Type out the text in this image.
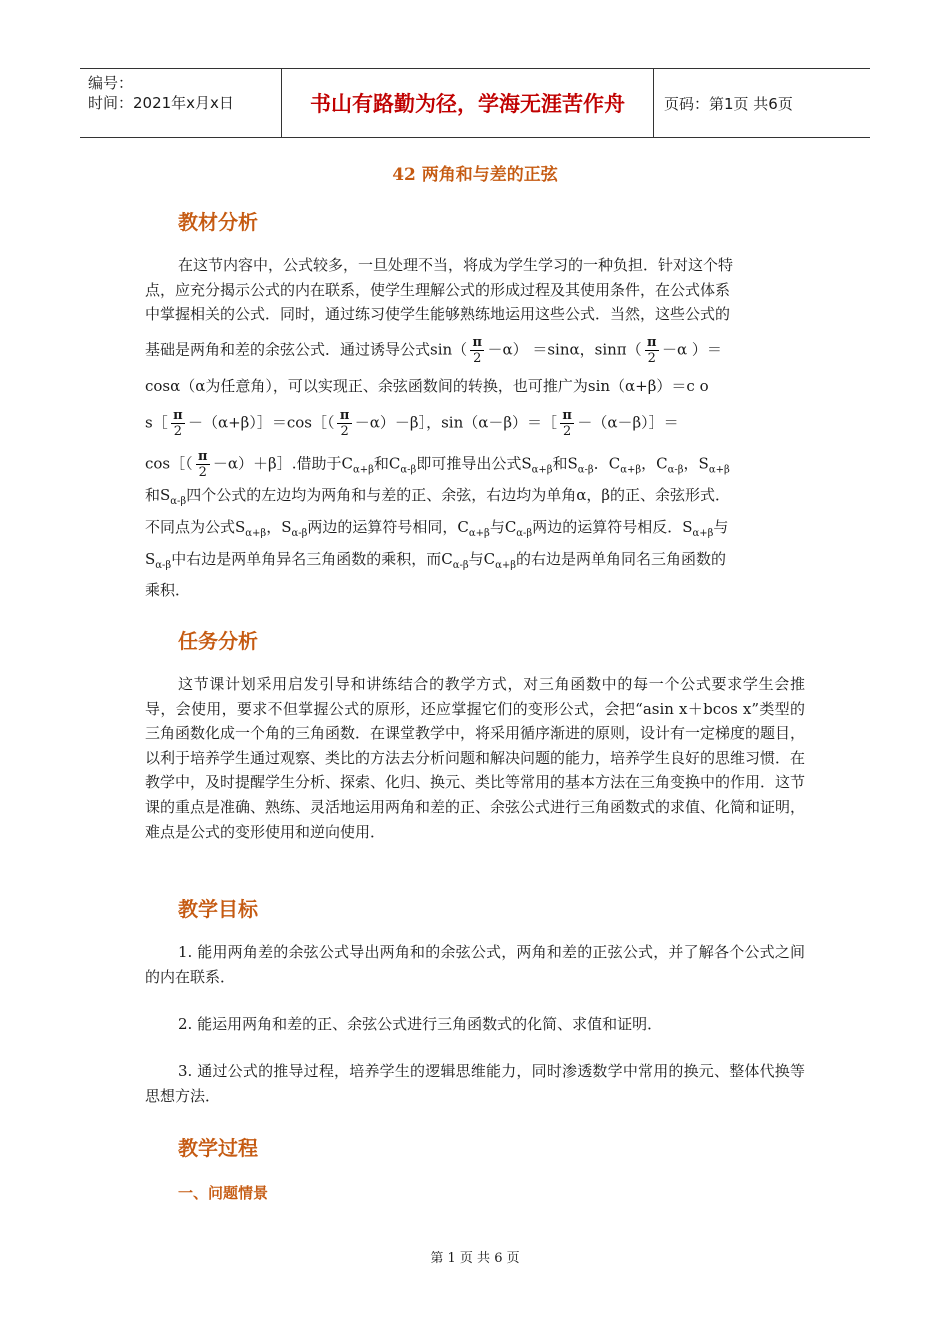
编号：
时间：2021年x月x日	书山有路勤为径，学海无涯苦作舟	页码：第1页 共6页
42 两角和与差的正弦
教材分析

在这节内容中，公式较多，一旦处理不当，将成为学生学习的一种负担．针对这个特

点，应充分揭示公式的内在联系，使学生理解公式的形成过程及其使用条件，在公式体系

中掌握相关的公式．同时，通过练习使学生能够熟练地运用这些公式．当然，这些公式的

基础是两角和差的余弦公式．通过诱导公式$\sin( \frac{\pi}{2} -\alpha) =\sin\alpha$，$\sin\pi( \frac{\pi}{2} -\alpha$ ）＝

cosα（α为任意角），可以实现正、余弦函数间的转换，也可推广为sin（α+β）＝c o

s［ $\frac{\pi}{2}$ －（α+β）］＝cos［（ $\frac{\pi}{2}$ －α）－β］，sin（α－β）＝［ $\frac{\pi}{2}$ －（α－β）］＝

cos［（ $\frac{\pi}{2}$ －α）＋β］.借助于$C_{\alpha+\beta}$和$C_{\alpha-\beta}$即可推导出公式$S_{\alpha+\beta}$和$S_{\alpha-\beta}$．$C_{\alpha+\beta}$，$C_{\alpha-\beta}$，$S_{\alpha+\beta}$

和$S_{\alpha-\beta}$四个公式的左边均为两角和与差的正、余弦，右边均为单角α，β的正、余弦形式．

不同点为公式$S_{\alpha+\beta}$，$S_{\alpha-\beta}$两边的运算符号相同，$C_{\alpha+\beta}$与$C_{\alpha-\beta}$两边的运算符号相反．$S_{\alpha+\beta}$与

$S_{\alpha-\beta}$中右边是两单角异名三角函数的乘积，而$C_{\alpha-\beta}$与$C_{\alpha+\beta}$的右边是两单角同名三角函数的

乘积．

任务分析

这节课计划采用启发引导和讲练结合的教学方式，对三角函数中的每一个公式要求学生会推导，会使用，要求不但掌握公式的原形，还应掌握它们的变形公式，会把“asin x＋bcos x”类型的三角函数化成一个角的三角函数．在课堂教学中，将采用循序渐进的原则，设计有一定梯度的题目，以利于培养学生通过观察、类比的方法去分析问题和解决问题的能力，培养学生良好的思维习惯．在教学中，及时提醒学生分析、探索、化归、换元、类比等常用的基本方法在三角变换中的作用．这节课的重点是准确、熟练、灵活地运用两角和差的正、余弦公式进行三角函数式的求值、化简和证明，难点是公式的变形使用和逆向使用．

教学目标

1. 能用两角差的余弦公式导出两角和的余弦公式，两角和差的正弦公式，并了解各个公式之间的内在联系．

2. 能运用两角和差的正、余弦公式进行三角函数式的化简、求值和证明．

3. 通过公式的推导过程，培养学生的逻辑思维能力，同时渗透数学中常用的换元、整体代换等思想方法．

教学过程
一、问题情景
第 1 页 共 6 页
